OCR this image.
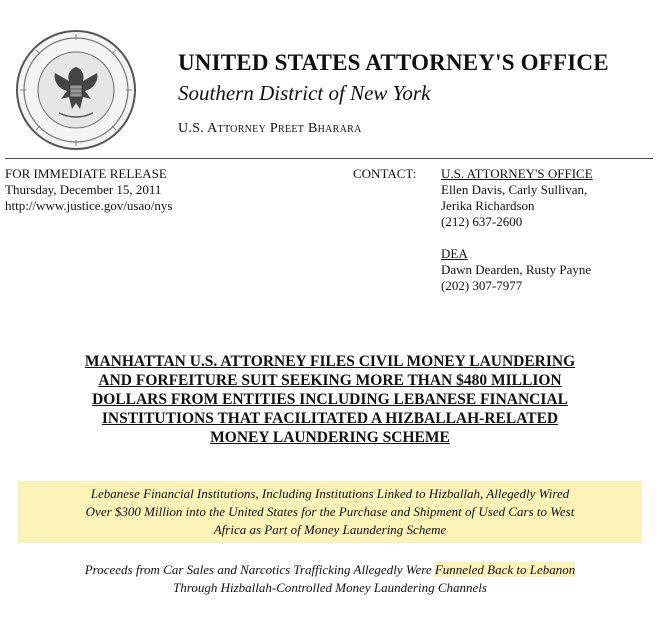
UNITED STATES ATTORNEY'S OFFICE
Southern District of New York
U.S. Attorney Preet Bharara
FOR IMMEDIATE RELEASE
Thursday, December 15, 2011
http://www.justice.gov/usao/nys
CONTACT: U.S. ATTORNEY'S OFFICE
Ellen Davis, Carly Sullivan,
Jerika Richardson
(212) 637-2600
DEA
Dawn Dearden, Rusty Payne
(202) 307-7977
MANHATTAN U.S. ATTORNEY FILES CIVIL MONEY LAUNDERING
AND FORFEITURE SUIT SEEKING MORE THAN $480 MILLION
DOLLARS FROM ENTITIES INCLUDING LEBANESE FINANCIAL
INSTITUTIONS THAT FACILITATED A HIZBALLAH-RELATED
MONEY LAUNDERING SCHEME
Lebanese Financial Institutions, Including Institutions Linked to Hizballah, Allegedly Wired
Over $300 Million into the United States for the Purchase and Shipment of Used Cars to West
Africa as Part of Money Laundering Scheme
Proceeds from Car Sales and Narcotics Trafficking Allegedly Were Funneled Back to Lebanon
Through Hizballah-Controlled Money Laundering Channels
